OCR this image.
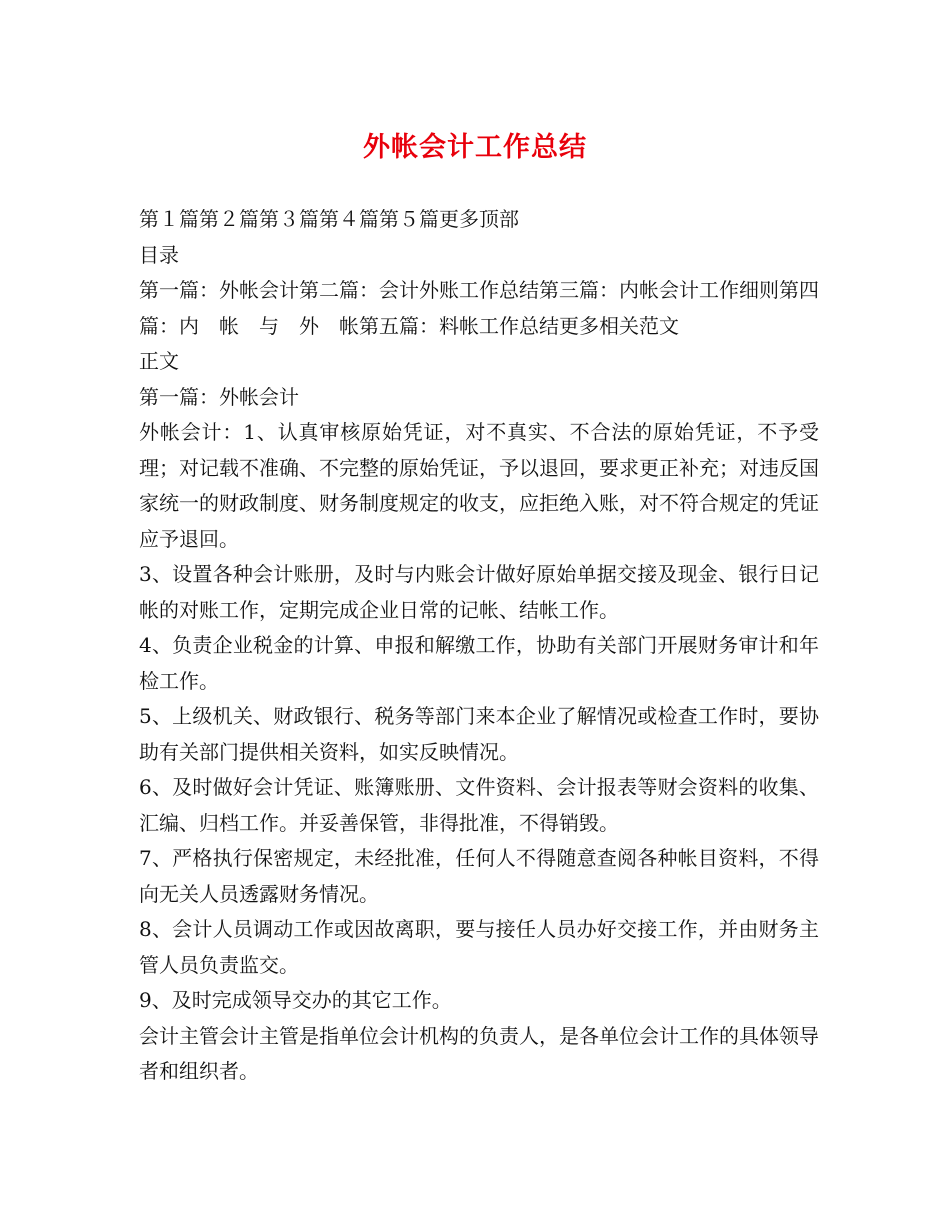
外帐会计工作总结

第１篇第２篇第３篇第４篇第５篇更多顶部

目录

第一篇：外帐会计第二篇：会计外账工作总结第三篇：内帐会计工作细则第四篇：内　帐　与　外　帐第五篇：料帐工作总结更多相关范文

正文

第一篇：外帐会计

外帐会计：1、认真审核原始凭证，对不真实、不合法的原始凭证，不予受理；对记载不准确、不完整的原始凭证，予以退回，要求更正补充；对违反国家统一的财政制度、财务制度规定的收支，应拒绝入账，对不符合规定的凭证应予退回。

3、设置各种会计账册，及时与内账会计做好原始单据交接及现金、银行日记帐的对账工作，定期完成企业日常的记帐、结帐工作。

4、负责企业税金的计算、申报和解缴工作，协助有关部门开展财务审计和年检工作。

5、上级机关、财政银行、税务等部门来本企业了解情况或检查工作时，要协助有关部门提供相关资料，如实反映情况。

6、及时做好会计凭证、账簿账册、文件资料、会计报表等财会资料的收集、汇编、归档工作。并妥善保管，非得批准，不得销毁。

7、严格执行保密规定，未经批准，任何人不得随意查阅各种帐目资料，不得向无关人员透露财务情况。

8、会计人员调动工作或因故离职，要与接任人员办好交接工作，并由财务主管人员负责监交。

9、及时完成领导交办的其它工作。

会计主管会计主管是指单位会计机构的负责人，是各单位会计工作的具体领导者和组织者。
